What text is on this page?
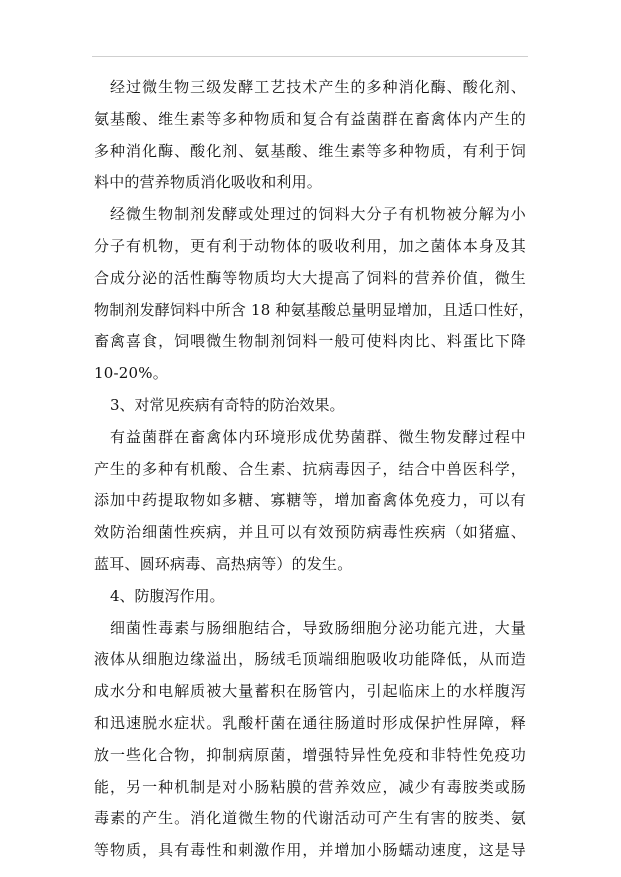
经过微生物三级发酵工艺技术产生的多种消化酶、酸化剂、
氨基酸、维生素等多种物质和复合有益菌群在畜禽体内产生的
多种消化酶、酸化剂、氨基酸、维生素等多种物质，有利于饲
料中的营养物质消化吸收和利用。
经微生物制剂发酵或处理过的饲料大分子有机物被分解为小
分子有机物，更有利于动物体的吸收利用，加之菌体本身及其
合成分泌的活性酶等物质均大大提高了饲料的营养价值，微生
物制剂发酵饲料中所含 18 种氨基酸总量明显增加，且适口性好，
畜禽喜食，饲喂微生物制剂饲料一般可使料肉比、料蛋比下降
10-20%。
3、对常见疾病有奇特的防治效果。
有益菌群在畜禽体内环境形成优势菌群、微生物发酵过程中
产生的多种有机酸、合生素、抗病毒因子，结合中兽医科学，
添加中药提取物如多糖、寡糖等，增加畜禽体免疫力，可以有
效防治细菌性疾病，并且可以有效预防病毒性疾病（如猪瘟、
蓝耳、圆环病毒、高热病等）的发生。
4、防腹泻作用。
细菌性毒素与肠细胞结合，导致肠细胞分泌功能亢进，大量
液体从细胞边缘溢出，肠绒毛顶端细胞吸收功能降低，从而造
成水分和电解质被大量蓄积在肠管内，引起临床上的水样腹泻
和迅速脱水症状。乳酸杆菌在通往肠道时形成保护性屏障，释
放一些化合物，抑制病原菌，增强特异性免疫和非特性免疫功
能，另一种机制是对小肠粘膜的营养效应，减少有毒胺类或肠
毒素的产生。消化道微生物的代谢活动可产生有害的胺类、氨
等物质，具有毒性和刺激作用，并增加小肠蠕动速度，这是导
